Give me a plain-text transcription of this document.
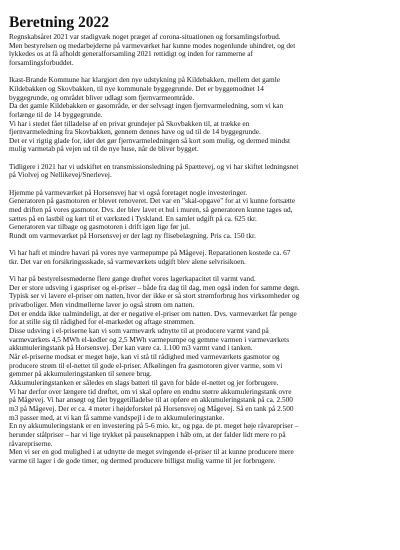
Beretning 2022

Regnskabsåret 2021 var stadigvæk noget præget af corona-situationen og forsamlingsforbud.
Men bestyrelsen og medarbejderne på varmeværket har kunne modes nogenlunde uhindret, og det
lykkedes os at få afholdt generalforsamling 2021 rettidigt og inden for rammerne af
forsamlingsforbuddet.

Ikast-Brande Kommune har klargjort den nye udstykning på Kildebakken, mellem det gamle
Kildebakken og Skovbakken, til nye kommunale byggegrunde. Det er byggemodnet 14
byggegrunde, og området bliver udlagt som fjernvarmeområde.
Da det gamle Kildebakken er gasområde, er der selvsagt ingen fjernvarmeledning, som vi kan
forlænge til de 14 byggegrunde.
Vi har i stedet fået tilladelse af en privat grundejer på Skovbakken til, at trække en
fjernvarmeledning fra Skovbakken, gennem dennes have og ud til de 14 byggegrunde.
Det er vi rigtig glade for, idet det gør fjernvarmeledningen så kort som mulig, og dermed mindst
mulig varmetab på vejen ud til de nye huse, når de bliver bygget.

Tidligere i 2021 har vi udskiftet en transmissionsledning på Spættevej, og vi har skiftet ledningsnet
på Violvej og Nellikevej/Snerlevej.

Hjemme på varmeværket på Horsensvej har vi også foretaget nogle investeringer.
Generatoren på gasmotoren er blevet renoveret. Det var en "skal-opgave" for at vi kunne fortsætte
med driften på vores gasmotor. Dvs. der blev lavet et hul i muren, så generatoren kunne tages ud,
sættes på en lastbil og kørt til et værksted i Tyskland. En samlet udgift på ca. 625 tkr.
Generatoren var tilbage og gasmotoren i drift igen lige før jul.
Rundt om varmeværket på Horsensvej er der lagt ny flisebelægning. Pris ca. 150 tkr.

Vi har haft et mindre havari på vores nye varmepumpe på Mågevej. Reparationen kostede ca. 67
tkr. Det var en forsikringssskade, så varmeværkets udgift blev alene selvrisikoen.

Vi har på bestyrelsesmøderne flere gange drøftet vores lagerkapacitet til varmt vand.
Der er store udsving i gaspriser og el-priser – både fra dag til dag, men også inden for samme døgn.
Typisk ser vi lavere el-priser om natten, hvor der ikke er så stort strømforbrug hos virksomheder og
privatboliger. Men vindmøllerne laver jo også strøm om natten.
Det er endda ikke ualmindeligt, at der er negative el-priser om natten. Dvs. varmeværket får penge
for at stille sig til rådighed for el-markedet og aftage strømmen.
Disse udsving i el-priserne kan vi som varmeværk udnytte til at producere varmt vand på
varmeværkets 4,5 MWh el-kedler og 2,5 MWh varmepumpe og gemme varmen i varmeværkets
akkumuleringstank på Horsensvej. Der kan være ca. 1.100 m3 varmt vand i tanken.
Når el-priserne modsat er meget høje, kan vi stå til rådighed med varmeværkets gasmotor og
producere strøm til el-nettet til gode el-priser. Afkølingen fra gasmotoren giver varme, som vi
gemmer på akkumuleringstanken til senere brug.
Akkumuleringstanken er således en slags batteri til gavn for både el-nettet og jer forbrugere.
Vi har derfor over længere tid drøftet, om vi skal opføre en endnu større akkumuleringstank ovre
på Mågevej. Vi har ansøgt og fået byggetilladelse til at opføre en akkumuleringstank på ca. 2.500
m3 på Mågevej. Der er ca. 4 meter i højdeforskel på Horsensvej og Mågevej. Så en tank på 2.500
m3 passer med, at vi kan få samme vandspejl i de to akkumuleringstanke.
En ny akkumuleringstank er en investering på 5-6 mio. kr., og pga. de pt. meget høje råvarepriser –
herunder stålpriser – har vi lige trykket på pauseknappen i håb om, at der falder lidt mere ro på
råvarepriserne.
Men vi ser en god mulighed i at udnytte de meget svingende el-priser til at kunne producere mere
varme til lager i de gode timer, og dermed producere billigst mulig varme til jer forbrugere.
